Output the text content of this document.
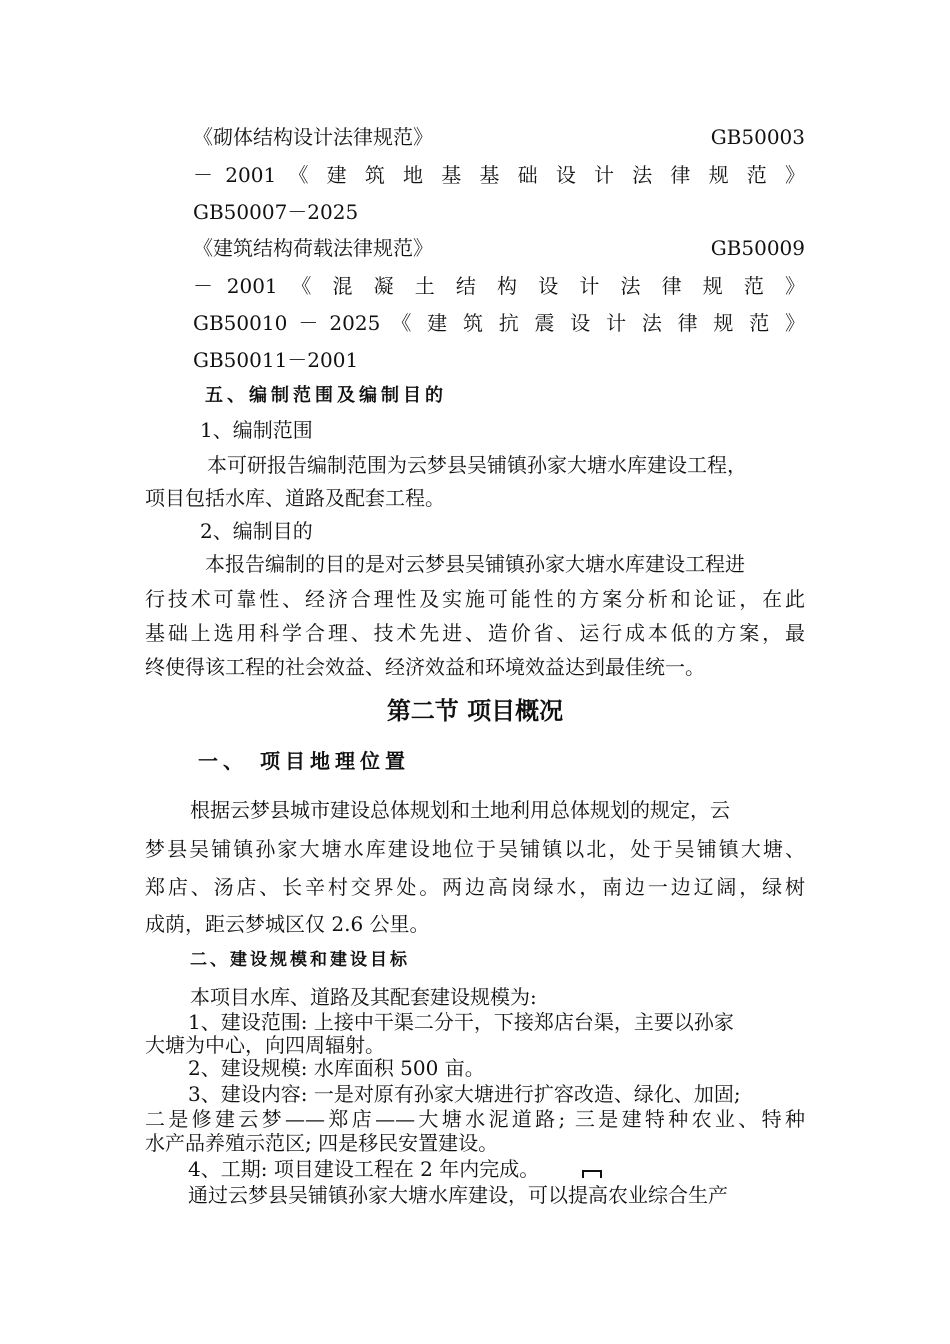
《砌体结构设计法律规范》	GB50003
－ 2001 《 建 筑 地 基 基 础 设 计 法 律 规 范 》
GB50007－2025
《建筑结构荷载法律规范》	GB50009
－ 2001 《 混 凝 土 结 构 设 计 法 律 规 范 》
GB50010 － 2025 《 建 筑 抗 震 设 计 法 律 规 范 》
GB50011－2001
五、编制范围及编制目的
1、编制范围
本可研报告编制范围为云梦县吴铺镇孙家大塘水库建设工程，
项目包括水库、道路及配套工程。
2、编制目的
本报告编制的目的是对云梦县吴铺镇孙家大塘水库建设工程进
行技术可靠性、经济合理性及实施可能性的方案分析和论证，在此
基础上选用科学合理、技术先进、造价省、运行成本低的方案，最
终使得该工程的社会效益、经济效益和环境效益达到最佳统一。
第二节 项目概况
一、 项目地理位置
根据云梦县城市建设总体规划和土地利用总体规划的规定，云
梦县吴铺镇孙家大塘水库建设地位于吴铺镇以北，处于吴铺镇大塘、
郑店、汤店、长辛村交界处。两边高岗绿水，南边一边辽阔，绿树
成荫，距云梦城区仅 2.6 公里。
二、建设规模和建设目标
本项目水库、道路及其配套建设规模为:
1、建设范围: 上接中干渠二分干，下接郑店台渠，主要以孙家
大塘为中心，向四周辐射。
2、建设规模: 水库面积 500 亩。
3、建设内容: 一是对原有孙家大塘进行扩容改造、绿化、加固;
二是修建云梦——郑店——大塘水泥道路; 三是建特种农业、特种
水产品养殖示范区; 四是移民安置建设。
4、工期: 项目建设工程在 2 年内完成。
通过云梦县吴铺镇孙家大塘水库建设，可以提高农业综合生产
